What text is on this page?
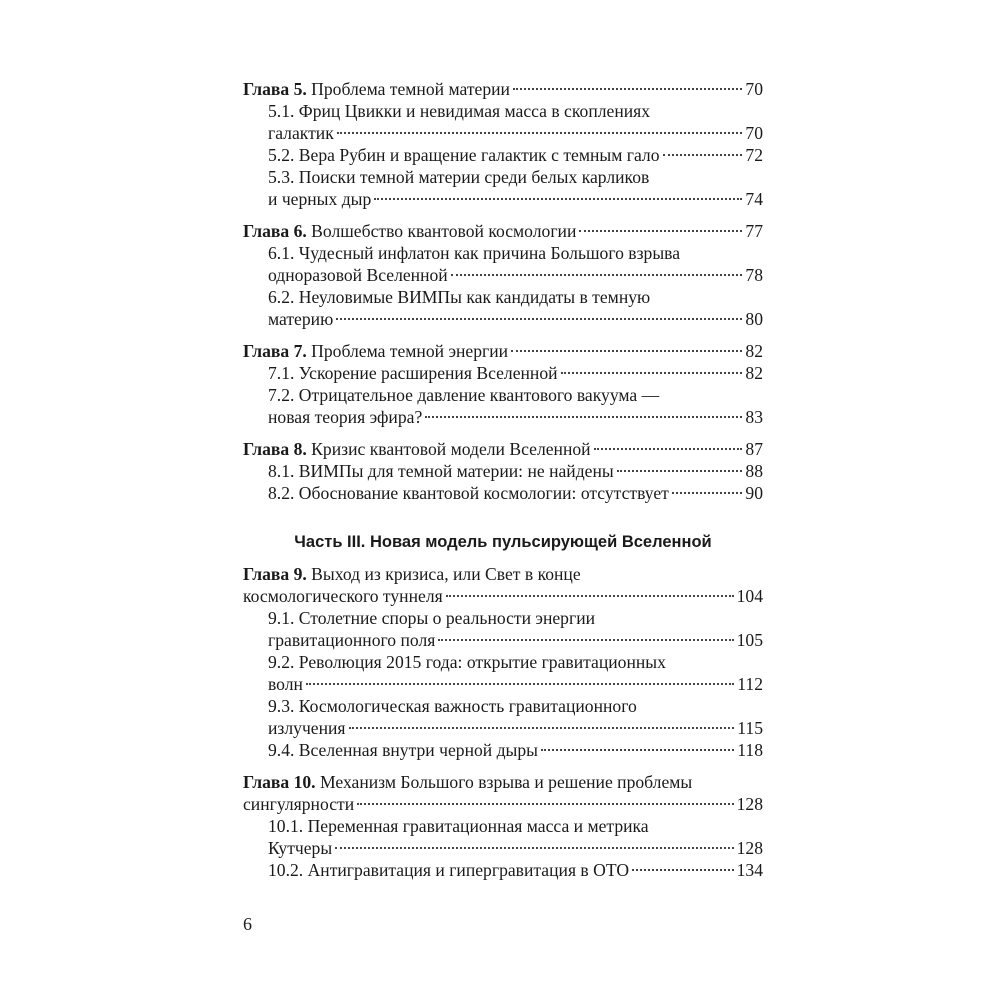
Глава 5. Проблема темной материи	70
5.1. Фриц Цвикки и невидимая масса в скоплениях
галактик	70
5.2. Вера Рубин и вращение галактик с темным гало	72
5.3. Поиски темной материи среди белых карликов
и черных дыр	74
Глава 6. Волшебство квантовой космологии	77
6.1. Чудесный инфлатон как причина Большого взрыва
одноразовой Вселенной	78
6.2. Неуловимые ВИМПы как кандидаты в темную
материю	80
Глава 7. Проблема темной энергии	82
7.1. Ускорение расширения Вселенной	82
7.2. Отрицательное давление квантового вакуума —
новая теория эфира?	83
Глава 8. Кризис квантовой модели Вселенной	87
8.1. ВИМПы для темной материи: не найдены	88
8.2. Обоснование квантовой космологии: отсутствует	90
Часть III. Новая модель пульсирующей Вселенной
Глава 9. Выход из кризиса, или Свет в конце
космологического туннеля	104
9.1. Столетние споры о реальности энергии
гравитационного поля	105
9.2. Революция 2015 года: открытие гравитационных
волн	112
9.3. Космологическая важность гравитационного
излучения	115
9.4. Вселенная внутри черной дыры	118
Глава 10. Механизм Большого взрыва и решение проблемы
сингулярности	128
10.1. Переменная гравитационная масса и метрика
Кутчеры	128
10.2. Антигравитация и гипергравитация в ОТО	134
6
